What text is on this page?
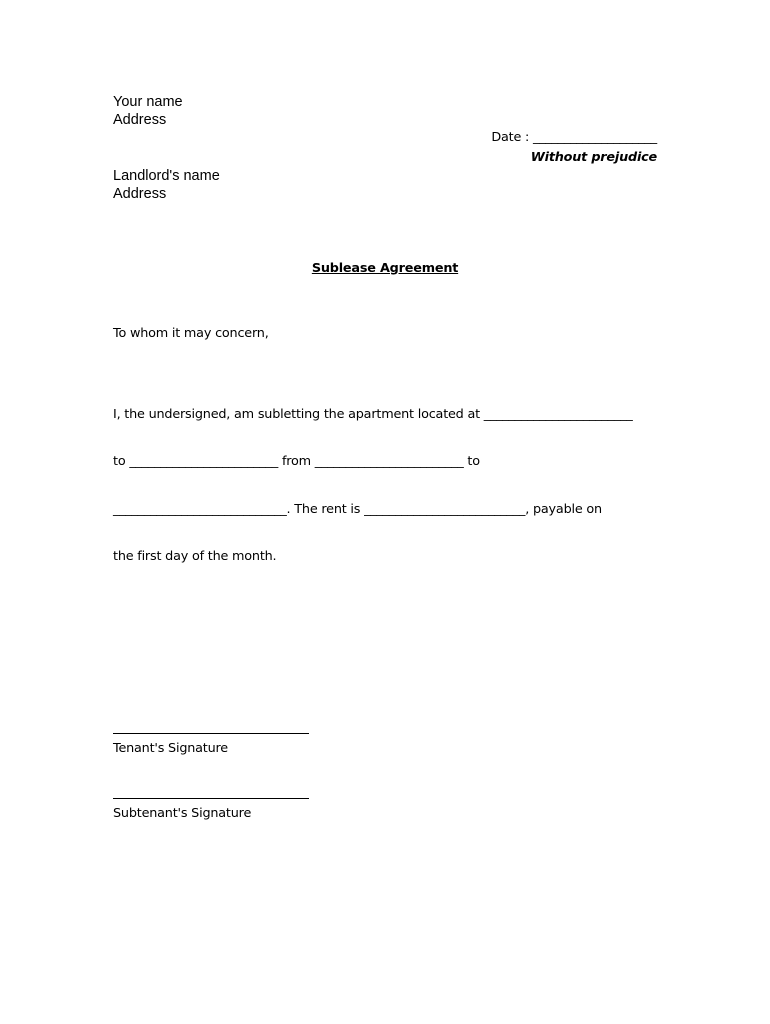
Your name
Address
Date : ____________________
Without prejudice
Landlord's name
Address
Sublease Agreement
To whom it may concern,
I, the undersigned, am subletting the apartment located at ________________________
to ________________________ from ________________________ to
____________________________. The rent is __________________________, payable on
the first day of the month.
Tenant's Signature
Subtenant's Signature
